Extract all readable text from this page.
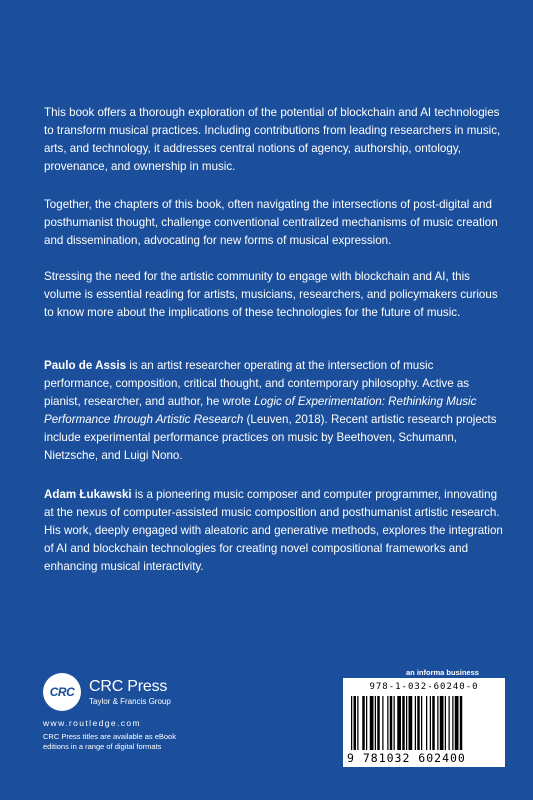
This book offers a thorough exploration of the potential of blockchain and AI technologies to transform musical practices. Including contributions from leading researchers in music, arts, and technology, it addresses central notions of agency, authorship, ontology, provenance, and ownership in music.

Together, the chapters of this book, often navigating the intersections of post-digital and posthumanist thought, challenge conventional centralized mechanisms of music creation and dissemination, advocating for new forms of musical expression.

Stressing the need for the artistic community to engage with blockchain and AI, this volume is essential reading for artists, musicians, researchers, and policymakers curious to know more about the implications of these technologies for the future of music.

Paulo de Assis is an artist researcher operating at the intersection of music performance, composition, critical thought, and contemporary philosophy. Active as pianist, researcher, and author, he wrote Logic of Experimentation: Rethinking Music Performance through Artistic Research (Leuven, 2018). Recent artistic research projects include experimental performance practices on music by Beethoven, Schumann, Nietzsche, and Luigi Nono.

Adam Łukawski is a pioneering music composer and computer programmer, innovating at the nexus of computer-assisted music composition and posthumanist artistic research. His work, deeply engaged with aleatoric and generative methods, explores the integration of AI and blockchain technologies for creating novel compositional frameworks and enhancing musical interactivity.

CRC CRC Press
Taylor & Francis Group
www.routledge.com
CRC Press titles are available as eBook editions in a range of digital formats
an informa business
978-1-032-60240-0
9 781032 602400
